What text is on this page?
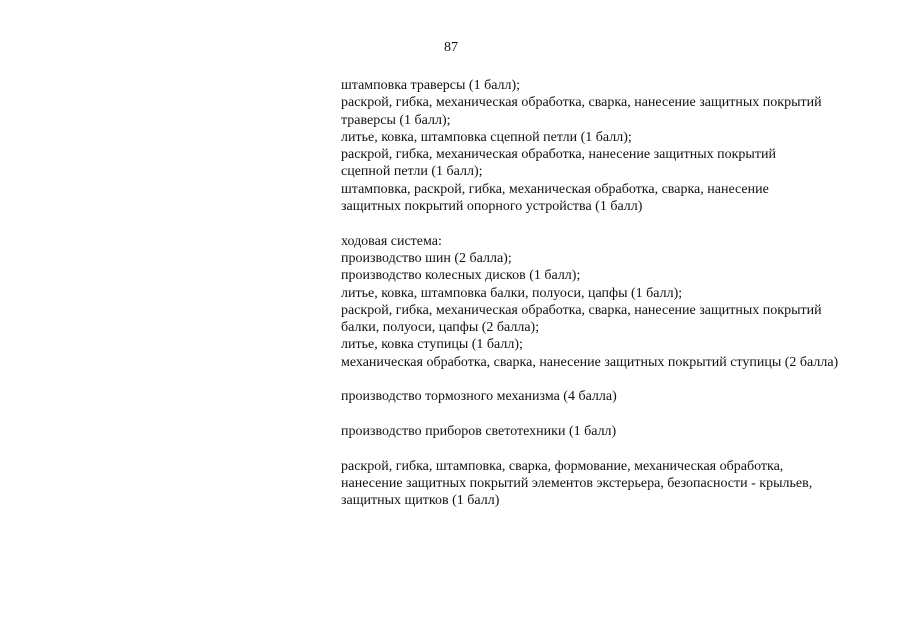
87
штамповка траверсы (1 балл);
раскрой, гибка, механическая обработка, сварка, нанесение защитных покрытий
траверсы (1 балл);
литье, ковка, штамповка сцепной петли (1 балл);
раскрой, гибка, механическая обработка, нанесение защитных покрытий
сцепной петли (1 балл);
штамповка, раскрой, гибка, механическая обработка, сварка, нанесение
защитных покрытий опорного устройства (1 балл)
ходовая система:
производство шин (2 балла);
производство колесных дисков (1 балл);
литье, ковка, штамповка балки, полуоси, цапфы (1 балл);
раскрой, гибка, механическая обработка, сварка, нанесение защитных покрытий
балки, полуоси, цапфы (2 балла);
литье, ковка ступицы (1 балл);
механическая обработка, сварка, нанесение защитных покрытий ступицы (2 балла)
производство тормозного механизма (4 балла)
производство приборов светотехники (1 балл)
раскрой, гибка, штамповка, сварка, формование, механическая обработка,
нанесение защитных покрытий элементов экстерьера, безопасности - крыльев,
защитных щитков (1 балл)
